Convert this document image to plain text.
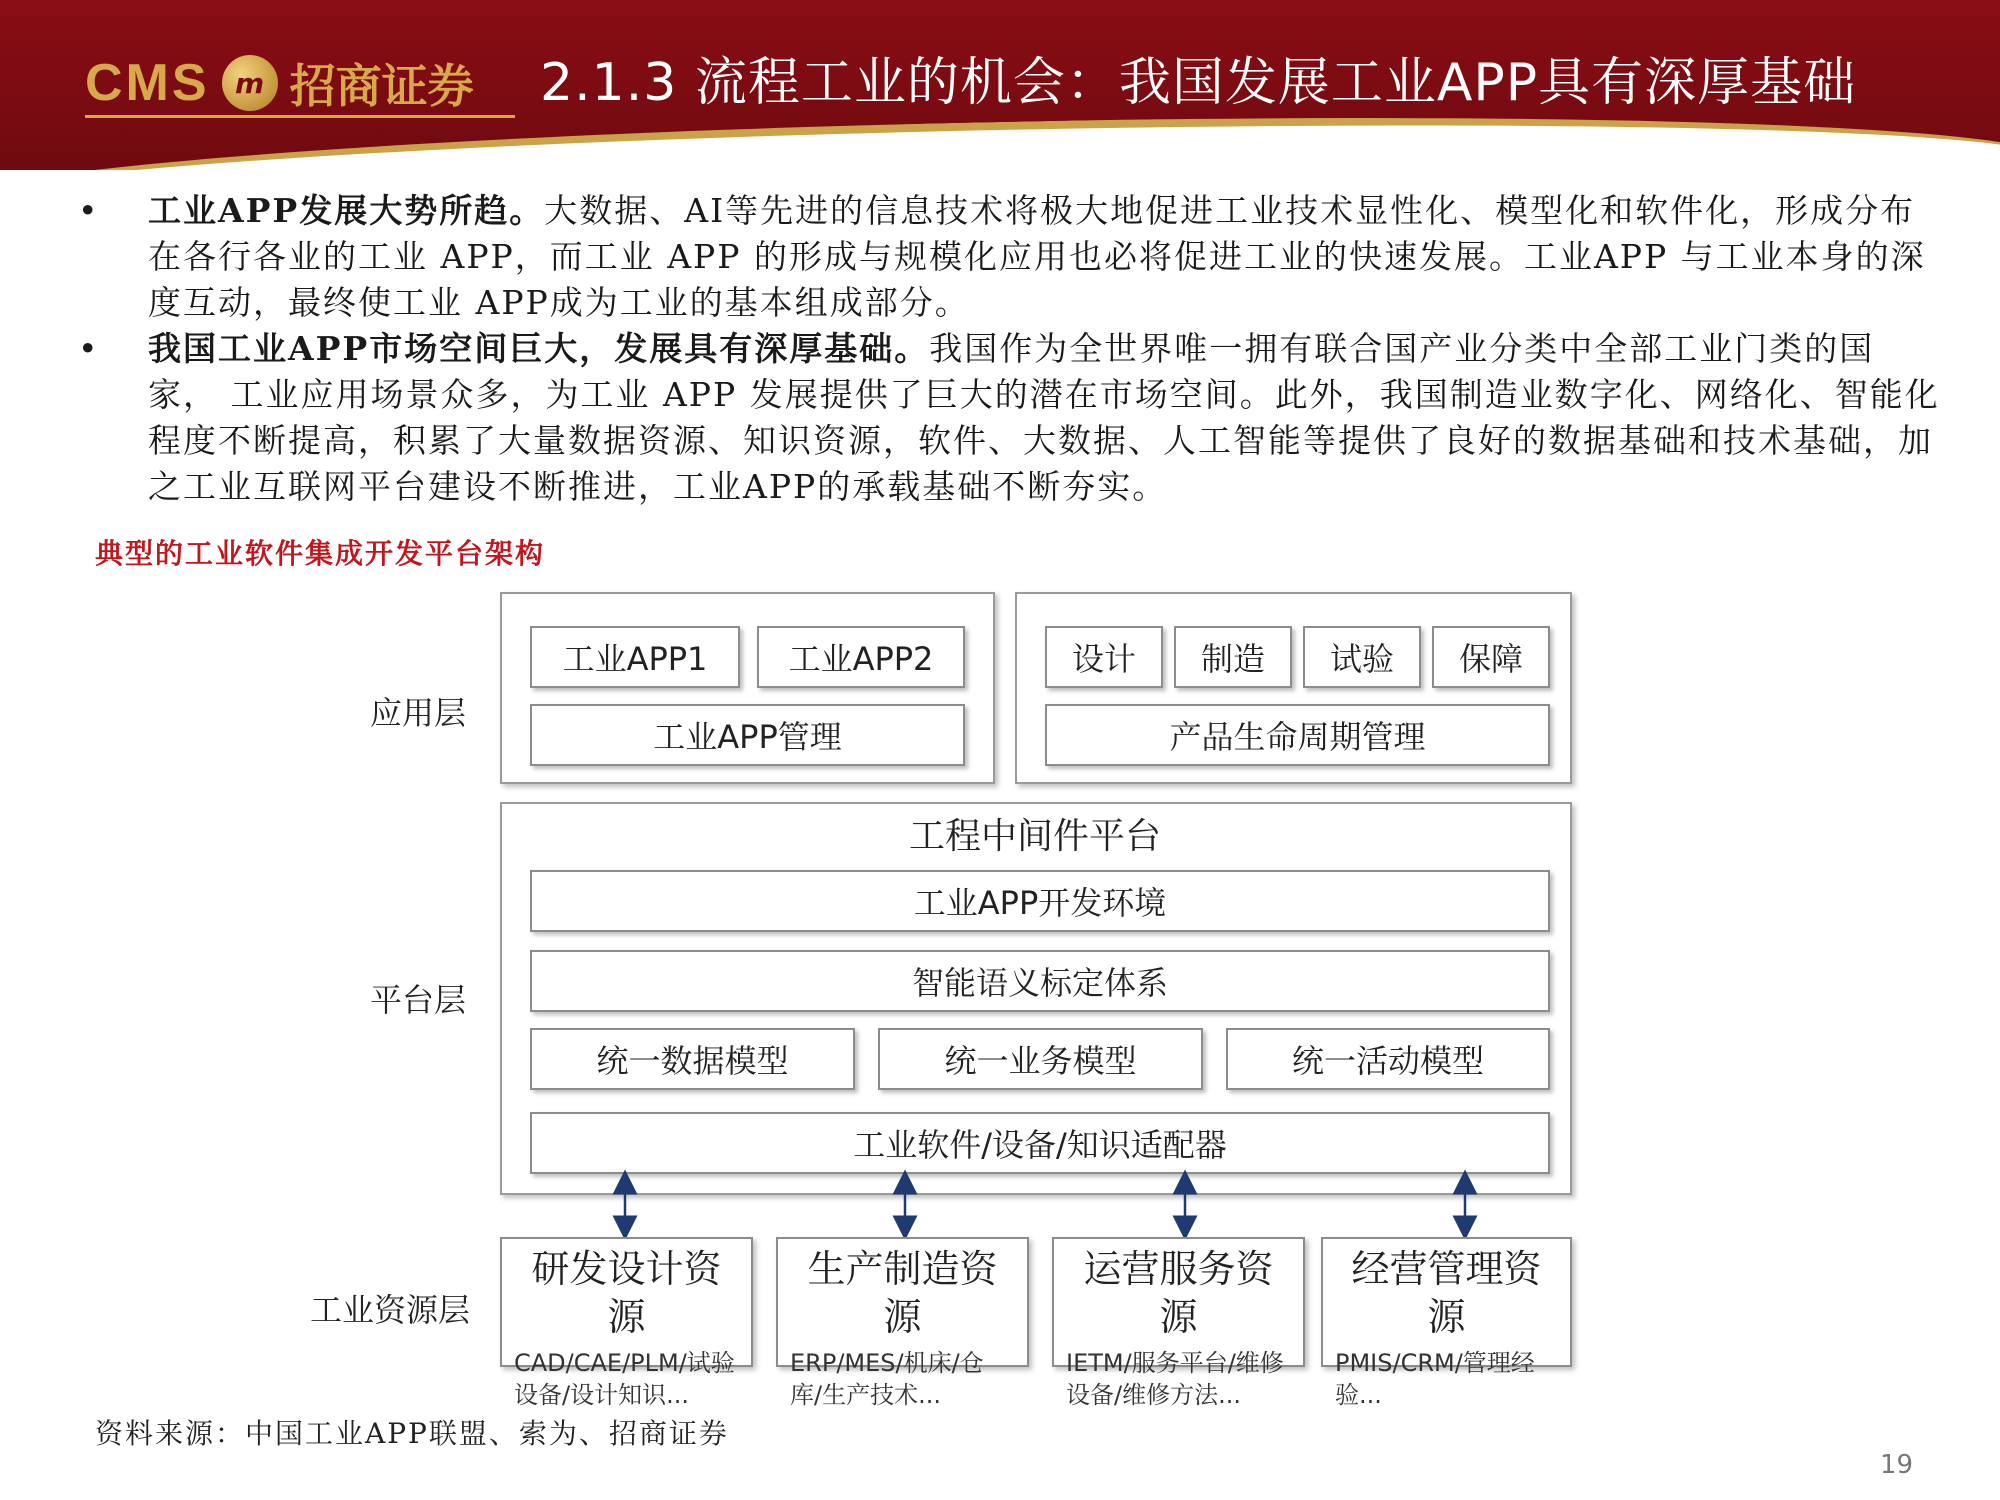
CMS m 招商证券 2.1.3 流程工业的机会：我国发展工业APP具有深厚基础
•	工业APP发展大势所趋。大数据、AI等先进的信息技术将极大地促进工业技术显性化、模型化和软件化，形成分布在各行各业的工业 APP，而工业 APP 的形成与规模化应用也必将促进工业的快速发展。工业APP 与工业本身的深度互动，最终使工业 APP成为工业的基本组成部分。
•	我国工业APP市场空间巨大，发展具有深厚基础。我国作为全世界唯一拥有联合国产业分类中全部工业门类的国家， 工业应用场景众多，为工业 APP 发展提供了巨大的潜在市场空间。此外，我国制造业数字化、网络化、智能化程度不断提高，积累了大量数据资源、知识资源，软件、大数据、人工智能等提供了良好的数据基础和技术基础，加之工业互联网平台建设不断推进，工业APP的承载基础不断夯实。
典型的工业软件集成开发平台架构
应用层
平台层
工业资源层
工业APP1	工业APP2
工业APP管理
设计	制造	试验	保障
产品生命周期管理
工程中间件平台
工业APP开发环境
智能语义标定体系
统一数据模型	统一业务模型	统一活动模型
工业软件/设备/知识适配器
研发设计资源
CAD/CAE/PLM/试验设备/设计知识...
生产制造资源
ERP/MES/机床/仓库/生产技术...
运营服务资源
IETM/服务平台/维修设备/维修方法...
经营管理资源
PMIS/CRM/管理经验...
资料来源：中国工业APP联盟、索为、招商证券
19
